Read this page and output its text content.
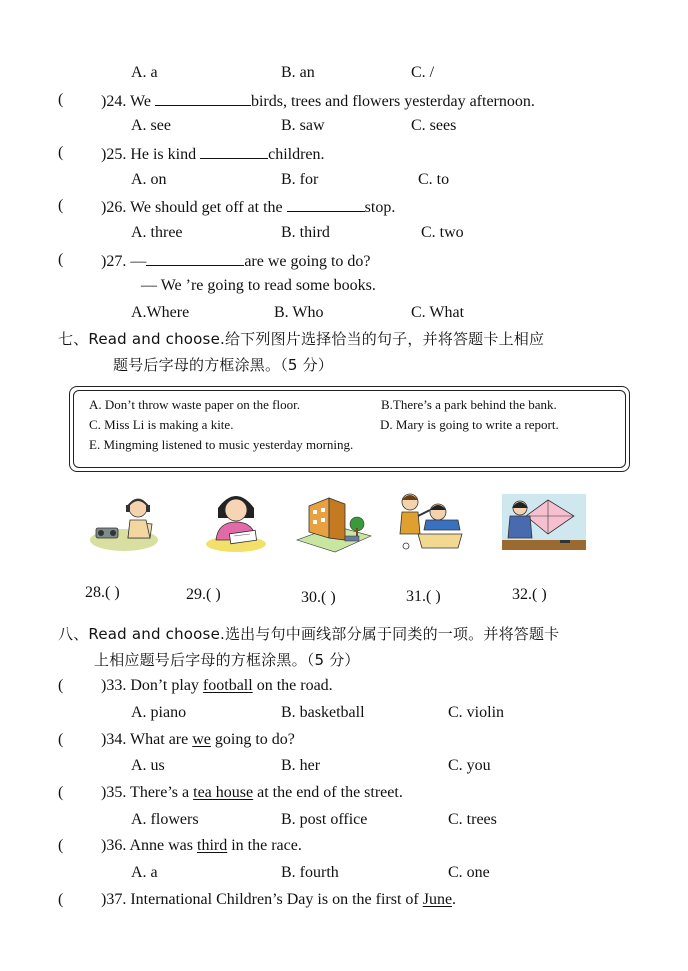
A. a	B. an	C. /
( )24. We	birds, trees and flowers yesterday afternoon.
A. see	B. saw	C. sees
( )25. He is kind	children.
A. on	B. for	C. to
( )26. We should get off at the	stop.
A. three	B. third	C. two
( )27. —	are we going to do?
— We ’re going to read some books.
A.Where	B. Who	C. What
七、Read and choose.给下列图片选择恰当的句子，并将答题卡上相应
题号后字母的方框涂黑。（5 分）
A. Don’t throw waste paper on the floor.	B.There’s a park behind the bank.
C. Miss Li is making a kite.	D. Mary is going to write a report.
E. Mingming listened to music yesterday morning.
28.( )	29.( )	30.( )	31.( )	32.( )
八、Read and choose.选出与句中画线部分属于同类的一项。并将答题卡
上相应题号后字母的方框涂黑。（5 分）
( )33. Don’t play football on the road.
A. piano	B. basketball	C. violin
( )34. What are we going to do?
A. us	B. her	C. you
( )35. There’s a tea house at the end of the street.
A. flowers	B. post office	C. trees
( )36. Anne was third in the race.
A. a	B. fourth	C. one
( )37. International Children’s Day is on the first of June.
